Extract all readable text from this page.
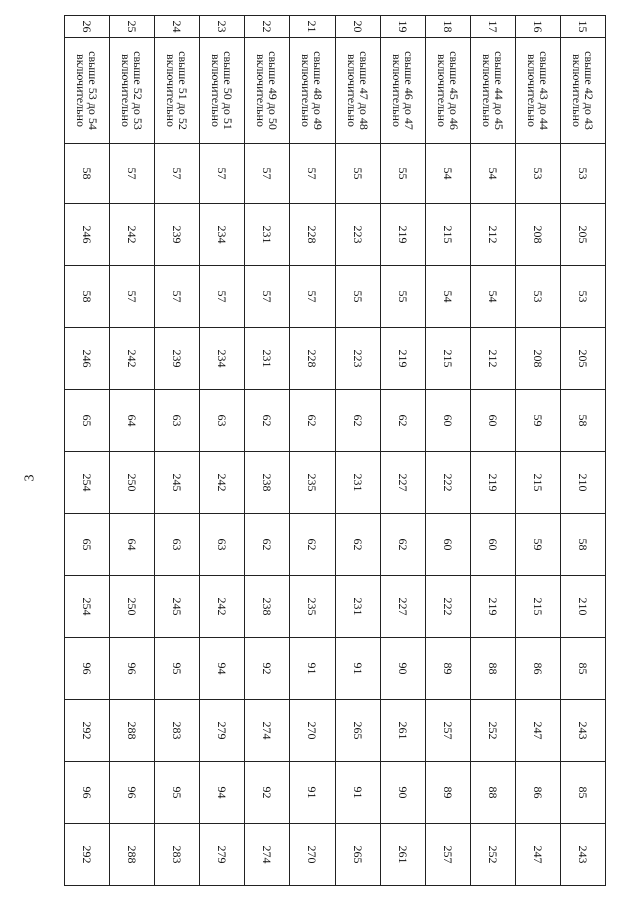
3
15	свыше 42 до 43
включительно	53	205	53	205	58	210	58	210	85	243	85	243
16	свыше 43 до 44
включительно	53	208	53	208	59	215	59	215	86	247	86	247
17	свыше 44 до 45
включительно	54	212	54	212	60	219	60	219	88	252	88	252
18	свыше 45 до 46
включительно	54	215	54	215	60	222	60	222	89	257	89	257
19	свыше 46 до 47
включительно	55	219	55	219	62	227	62	227	90	261	90	261
20	свыше 47 до 48
включительно	55	223	55	223	62	231	62	231	91	265	91	265
21	свыше 48 до 49
включительно	57	228	57	228	62	235	62	235	91	270	91	270
22	свыше 49 до 50
включительно	57	231	57	231	62	238	62	238	92	274	92	274
23	свыше 50 до 51
включительно	57	234	57	234	63	242	63	242	94	279	94	279
24	свыше 51 до 52
включительно	57	239	57	239	63	245	63	245	95	283	95	283
25	свыше 52 до 53
включительно	57	242	57	242	64	250	64	250	96	288	96	288
26	свыше 53 до 54
включительно	58	246	58	246	65	254	65	254	96	292	96	292
